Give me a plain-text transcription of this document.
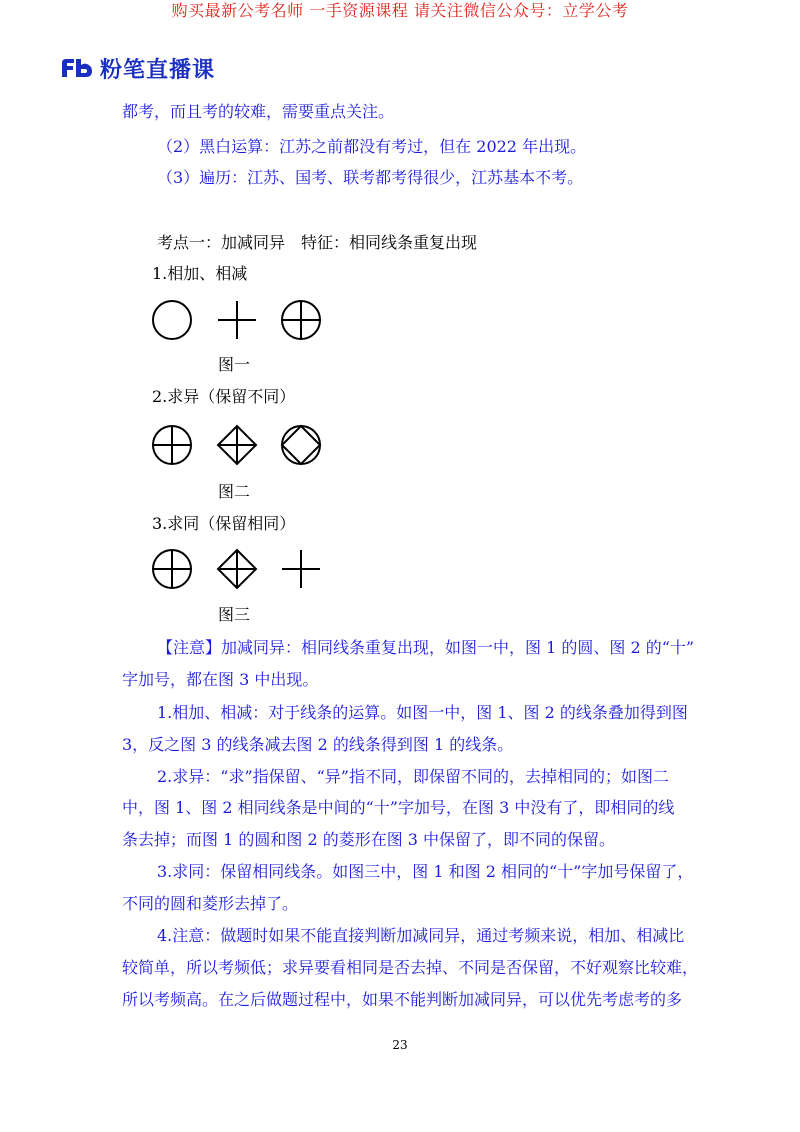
购买最新公考名师 一手资源课程 请关注微信公众号：立学公考
粉笔直播课
都考，而且考的较难，需要重点关注。
（2）黑白运算：江苏之前都没有考过，但在 2022 年出现。
（3）遍历：江苏、国考、联考都考得很少，江苏基本不考。
考点一：加减同异　特征：相同线条重复出现
1.相加、相减
图一
2.求异（保留不同）
图二
3.求同（保留相同）
图三
【注意】加减同异：相同线条重复出现，如图一中，图 1 的圆、图 2 的“十”
字加号，都在图 3 中出现。
1.相加、相减：对于线条的运算。如图一中，图 1、图 2 的线条叠加得到图
3，反之图 3 的线条减去图 2 的线条得到图 1 的线条。
2.求异：“求”指保留、“异”指不同，即保留不同的，去掉相同的；如图二
中，图 1、图 2 相同线条是中间的“十”字加号，在图 3 中没有了，即相同的线
条去掉；而图 1 的圆和图 2 的菱形在图 3 中保留了，即不同的保留。
3.求同：保留相同线条。如图三中，图 1 和图 2 相同的“十”字加号保留了，
不同的圆和菱形去掉了。
4.注意：做题时如果不能直接判断加减同异，通过考频来说，相加、相减比
较简单，所以考频低；求异要看相同是否去掉、不同是否保留，不好观察比较难，
所以考频高。在之后做题过程中，如果不能判断加减同异，可以优先考虑考的多
23
